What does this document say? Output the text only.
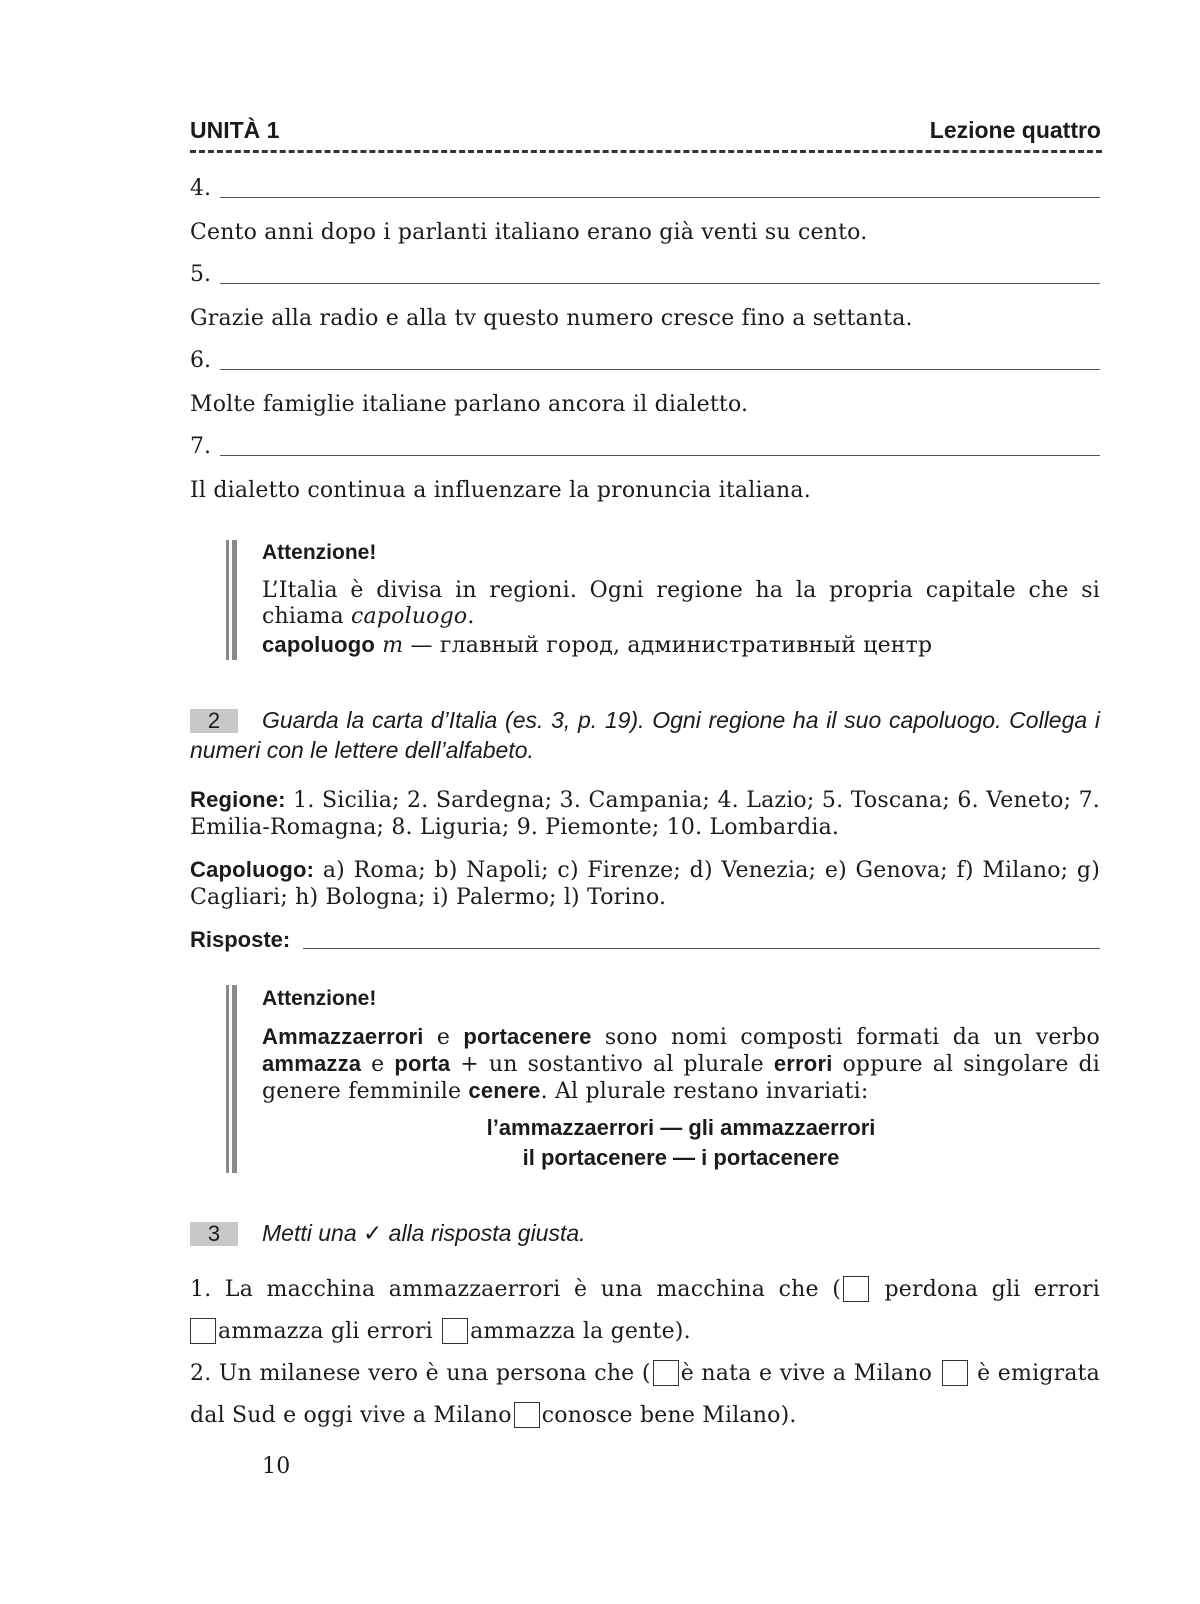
UNITÀ 1	Lezione quattro
4.
Cento anni dopo i parlanti italiano erano già venti su cento.
5.
Grazie alla radio e alla tv questo numero cresce fino a settanta.
6.
Molte famiglie italiane parlano ancora il dialetto.
7.
Il dialetto continua a influenzare la pronuncia italiana.
Attenzione!
L’Italia è divisa in regioni. Ogni regione ha la propria capitale che si chiama capoluogo.
capoluogo m — главный город, административный центр
2	Guarda la carta d’Italia (es. 3, p. 19). Ogni regione ha il suo capoluogo. Collega i numeri con le lettere dell’alfabeto.
Regione: 1. Sicilia; 2. Sardegna; 3. Campania; 4. Lazio; 5. Toscana; 6. Veneto; 7. Emilia-Romagna; 8. Liguria; 9. Piemonte; 10. Lombardia.
Capoluogo: a) Roma; b) Napoli; c) Firenze; d) Venezia; e) Genova; f) Milano; g) Cagliari; h) Bologna; i) Palermo; l) Torino.
Risposte:
Attenzione!
Ammazzaerrori e portacenere sono nomi composti formati da un verbo ammazza e porta + un sostantivo al plurale errori oppure al singolare di genere femminile cenere. Al plurale restano invariati:
l’ammazzaerrori — gli ammazzaerrori
il portacenere — i portacenere
3	Metti una ✓ alla risposta giusta.
1. La macchina ammazzaerrori è una macchina che ( perdona gli errori
ammazza gli errori ammazza la gente).
2. Un milanese vero è una persona che ( è nata e vive a Milano  è emigrata
dal Sud e oggi vive a Milano conosce bene Milano).
10
